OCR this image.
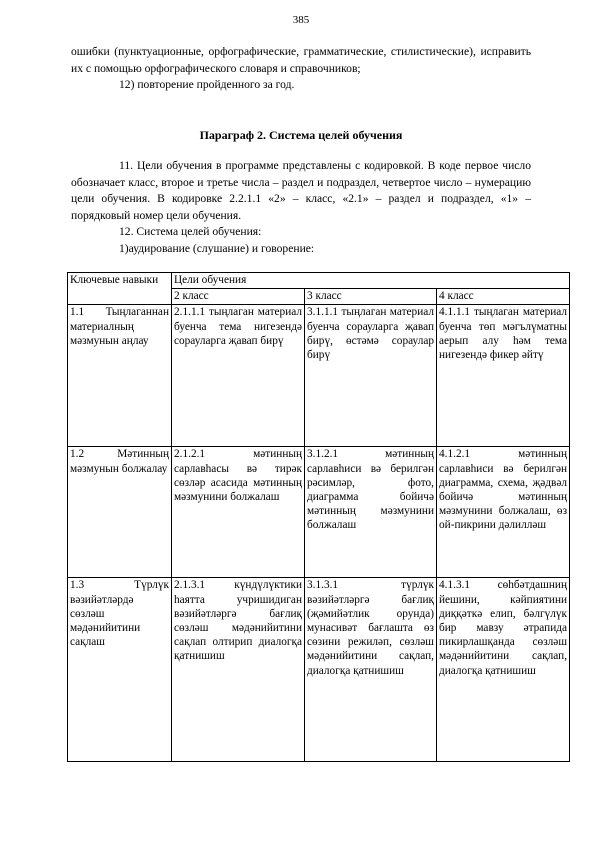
385

ошибки (пунктуационные, орфографические, грамматические, стилистические), исправить их с помощью орфографического словаря и справочников;

12) повторение пройденного за год.

Параграф 2. Система целей обучения

11. Цели обучения в программе представлены с кодировкой. В коде первое число обозначает класс, второе и третье числа – раздел и подраздел, четвертое число – нумерацию цели обучения. В кодировке 2.2.1.1 «2» – класс, «2.1» – раздел и подраздел, «1» – порядковый номер цели обучения.

12. Система целей обучения:

1)аудирование (слушание) и говорение:

Ключевые навыки	Цели обучения		
	2 класс	3 класс	4 класс
1.1 Тыңлаганнан материалның мәзмунын аңлау	2.1.1.1 тыңлаган материал буенча тема нигезендә сорауларга җавап бирү	3.1.1.1 тыңлаган материал буенча сорауларга җавап бирү, өстәмә сораулар бирү	4.1.1.1 тыңлаган материал буенча төп мәгълүматны аерып алу һәм тема нигезендә фикер әйтү
1.2 Мәтинның мәзмунын болжалау	2.1.2.1 мәтинның сарлавһасы вә тирәк сөзләр асасида мәтинның мәзмунини болжалаш	3.1.2.1 мәтинның сарлавһиси вә берилгән рәсимләр, фото, диаграмма бойичә мәтинның мәзмунини болжалаш	4.1.2.1 мәтинның сарлавһиси вә берилгән диаграмма, схема, җәдвәл бойичә мәтинның мәзмунини болжалаш, өз ой-пикрини дәлилләш
1.3 Түрлүк вәзийәтләрдә сөзләш мәдәнийитини сақлаш	2.1.3.1 күндүлүктики һаятта учришидиган вәзийәтләргә бағлиқ сөзләш мәдәнийитини сақлап олтирип диалогқа қатнишиш	3.1.3.1 түрлүк вәзийәтләргә бағлиқ (җәмийәтлик орунда) мунасивәт бағлаштa өз сөзини режиләп, сөзләш мәдәнийитини сақлап, диалогқа қатнишиш	4.1.3.1 сөһбәтдашниң йешини, кәйпиятини диққәткә елип, бәлгүлүк бир мавзу әтрапида пикирлашқанда сөзләш мәдәнийитини сақлап, диалогқа қатнишиш
